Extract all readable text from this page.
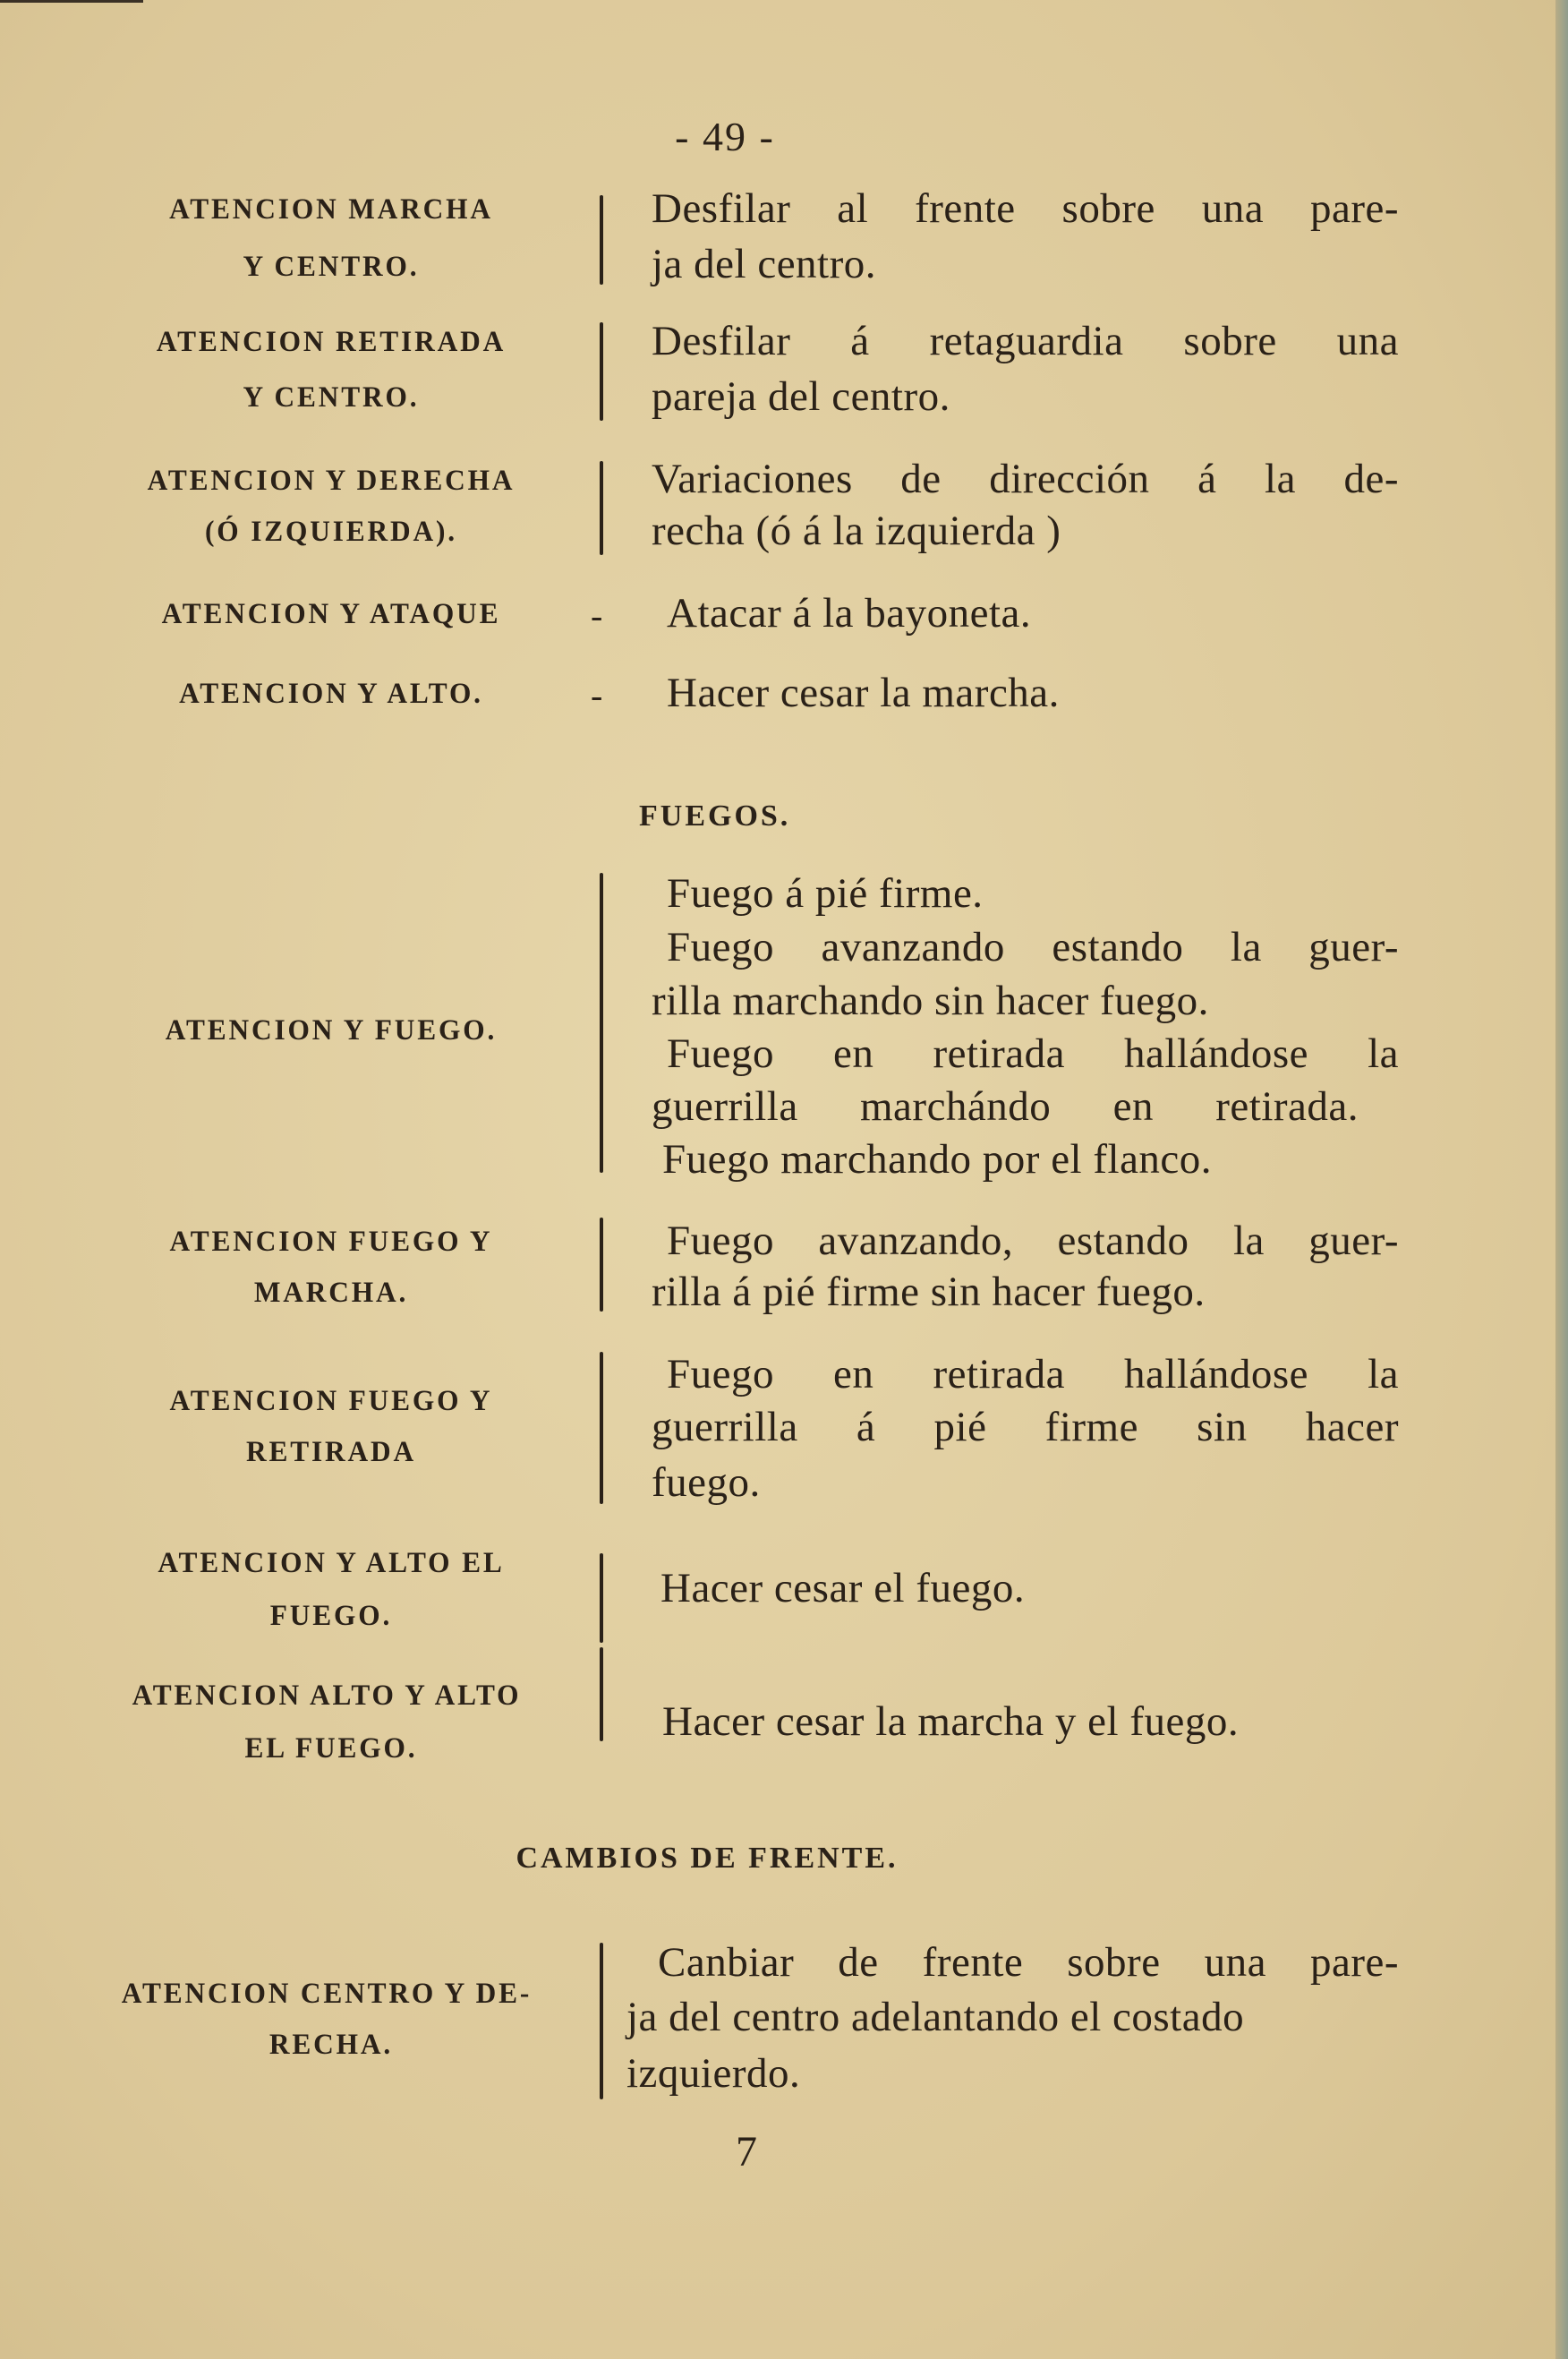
- 49 -
ATENCION MARCHA
Y CENTRO.
Desfilar al frente sobre una pare-
ja del centro.
ATENCION RETIRADA
Y CENTRO.
Desfilar á retaguardia sobre una
pareja del centro.
ATENCION Y DERECHA
(Ó IZQUIERDA).
Variaciones de dirección á la de-
recha (ó á la izquierda )
ATENCION Y ATAQUE	- Atacar á la bayoneta.
ATENCION Y ALTO.	- Hacer cesar la marcha.
FUEGOS.
ATENCION Y FUEGO.
Fuego á pié firme.
Fuego avanzando estando la guer-
rilla marchando sin hacer fuego.
Fuego en retirada hallándose la
guerrilla marchándo en retirada.
Fuego marchando por el flanco.
ATENCION FUEGO Y
MARCHA.
Fuego avanzando, estando la guer-
rilla á pié firme sin hacer fuego.
ATENCION FUEGO Y
RETIRADA
Fuego en retirada hallándose la
guerrilla á pié firme sin hacer
fuego.
ATENCION Y ALTO EL
FUEGO.
Hacer cesar el fuego.
ATENCION ALTO Y ALTO
EL FUEGO.
Hacer cesar la marcha y el fuego.
CAMBIOS DE FRENTE.
ATENCION CENTRO Y DE-
RECHA.
Canbiar de frente sobre una pare-
ja del centro adelantando el costado
izquierdo.
7
